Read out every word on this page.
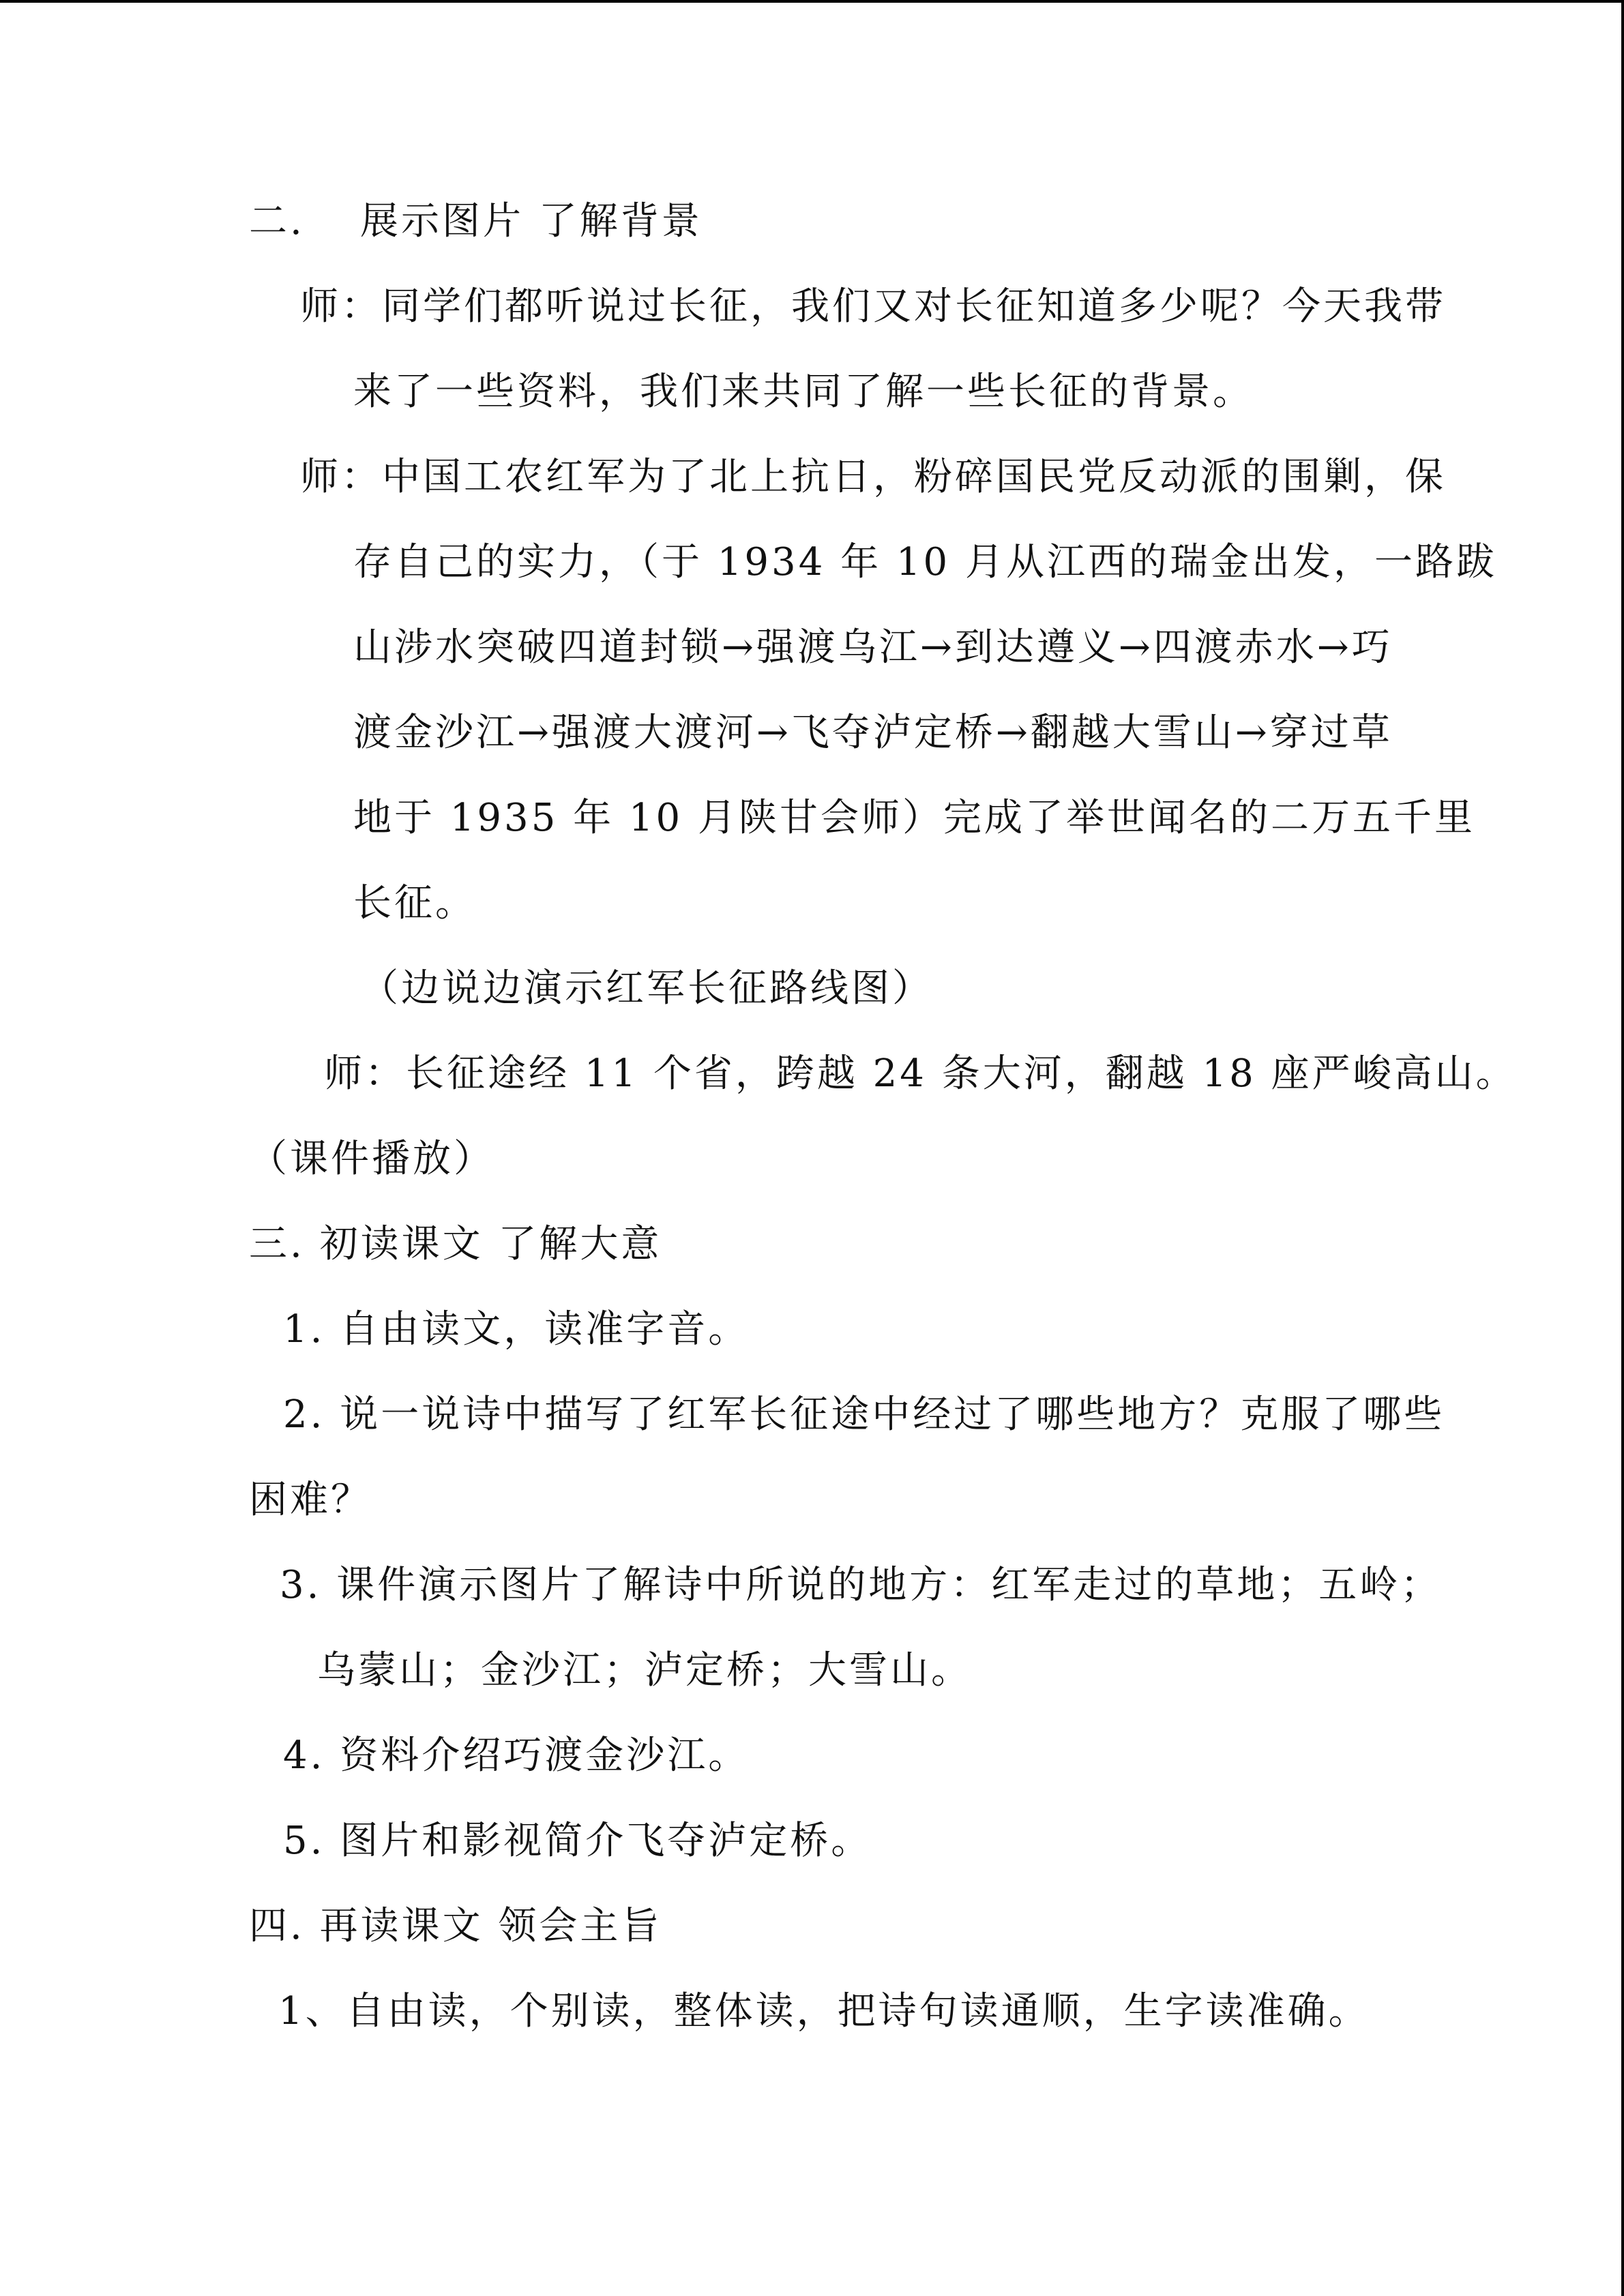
二. 展示图片 了解背景
师：同学们都听说过长征，我们又对长征知道多少呢？今天我带
来了一些资料，我们来共同了解一些长征的背景。
师：中国工农红军为了北上抗日，粉碎国民党反动派的围剿，保
存自己的实力，（于 1934 年 10 月从江西的瑞金出发，一路跋
山涉水突破四道封锁→强渡乌江→到达遵义→四渡赤水→巧
渡金沙江→强渡大渡河→飞夺泸定桥→翻越大雪山→穿过草
地于 1935 年 10 月陕甘会师）完成了举世闻名的二万五千里
长征。
（边说边演示红军长征路线图）
师：长征途经 11 个省，跨越 24 条大河，翻越 18 座严峻高山。
（课件播放）
三. 初读课文 了解大意
1. 自由读文，读准字音。
2. 说一说诗中描写了红军长征途中经过了哪些地方？克服了哪些
困难？
3. 课件演示图片了解诗中所说的地方：红军走过的草地；五岭；
乌蒙山；金沙江；泸定桥；大雪山。
4. 资料介绍巧渡金沙江。
5. 图片和影视简介飞夺泸定桥。
四. 再读课文 领会主旨
1、自由读，个别读，整体读，把诗句读通顺，生字读准确。
